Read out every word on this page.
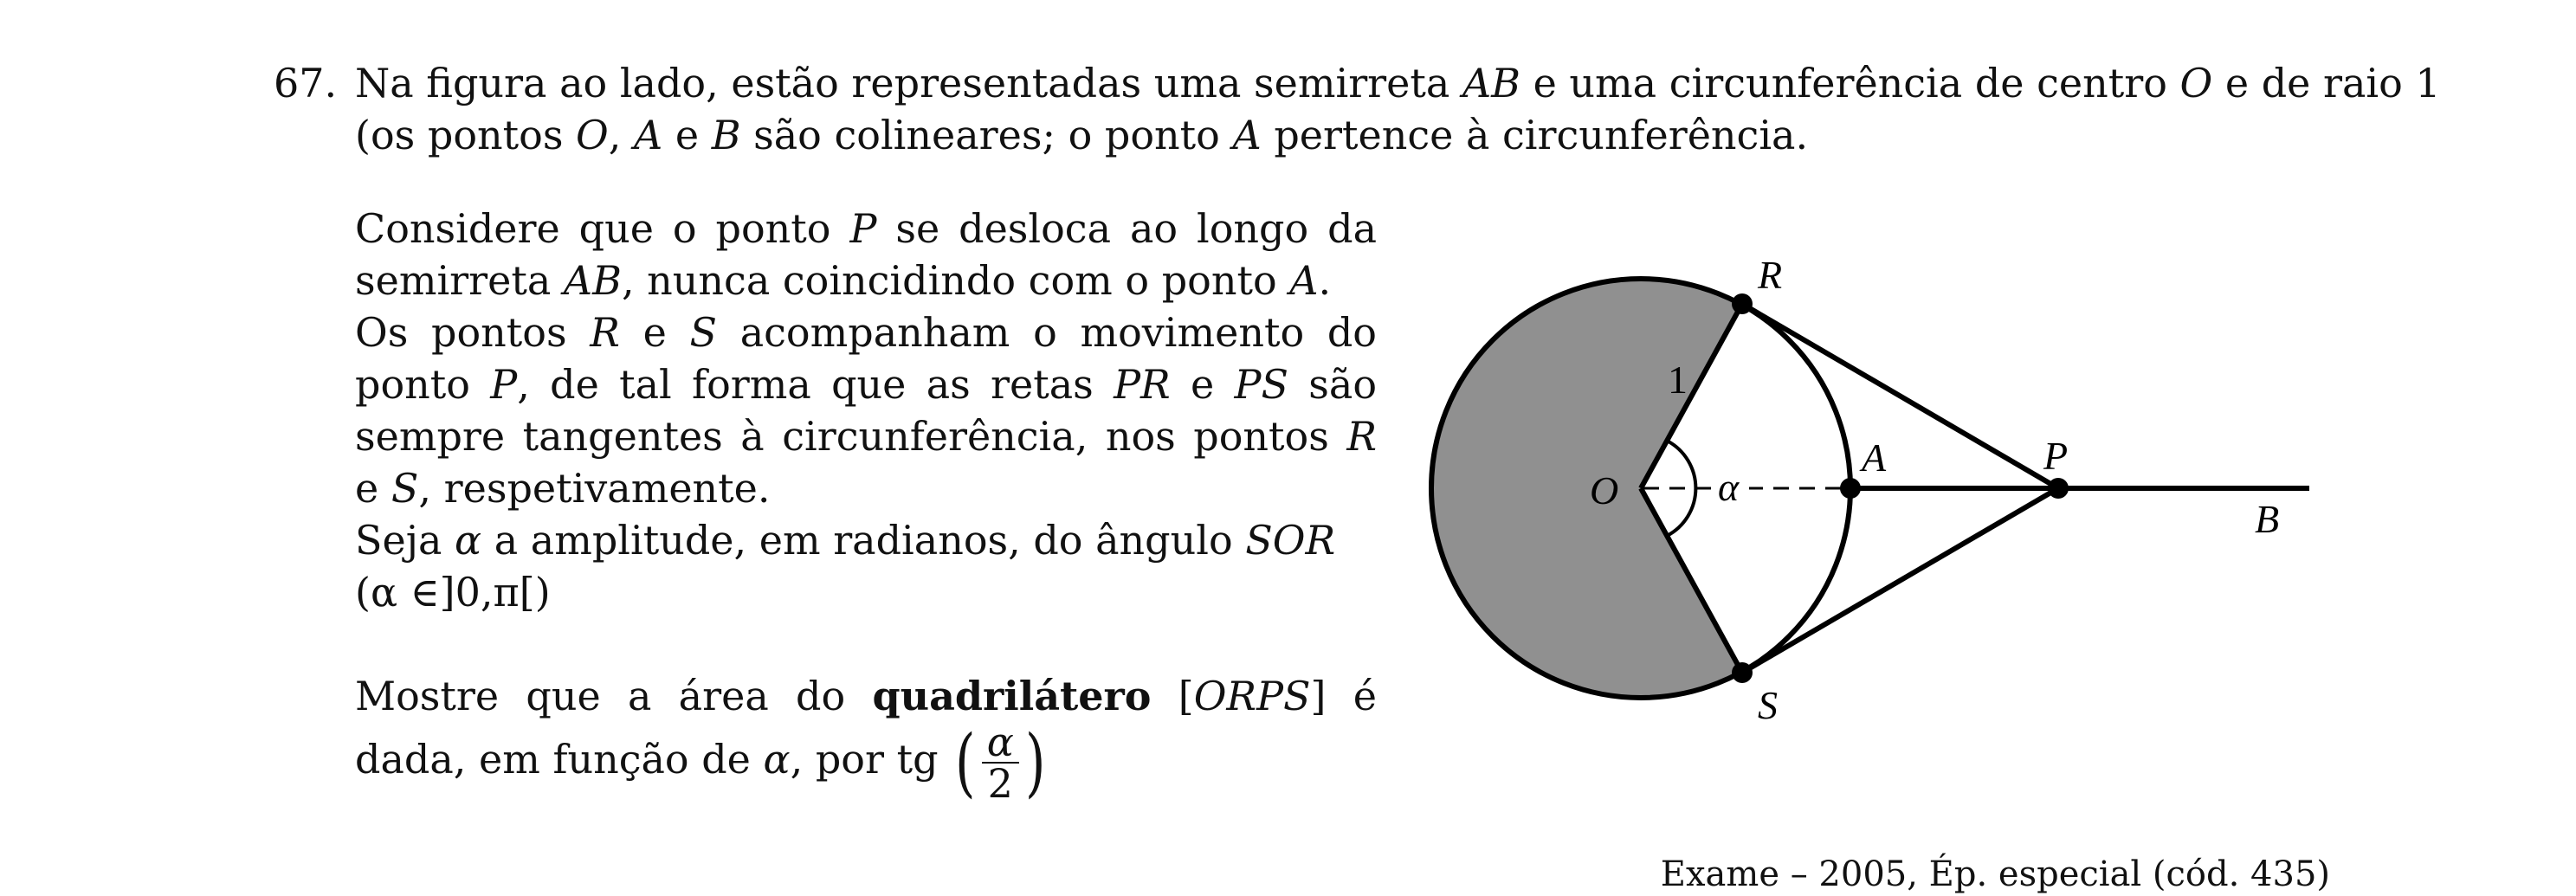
67. Na figura ao lado, estão representadas uma semirreta AB e uma circunferência de centro O e de raio 1
(os pontos O, A e B são colineares; o ponto A pertence à circunferência.

Considere que o ponto P se desloca ao longo da semirreta AB, nunca coincidindo com o ponto A.

Os pontos R e S acompanham o movimento do ponto P, de tal forma que as retas PR e PS são sempre tangentes à circunferência, nos pontos R e S, respetivamente.

Seja α a amplitude, em radianos, do ângulo SOR
(α ∈]0,π[)

Mostre que a área do quadrilátero [ORPS] é dada, em função de α, por tg ( $\frac{\alpha}{2}$ )

R
S
O
A	P
B
1
α
Exame – 2005, Ép. especial (cód. 435)
